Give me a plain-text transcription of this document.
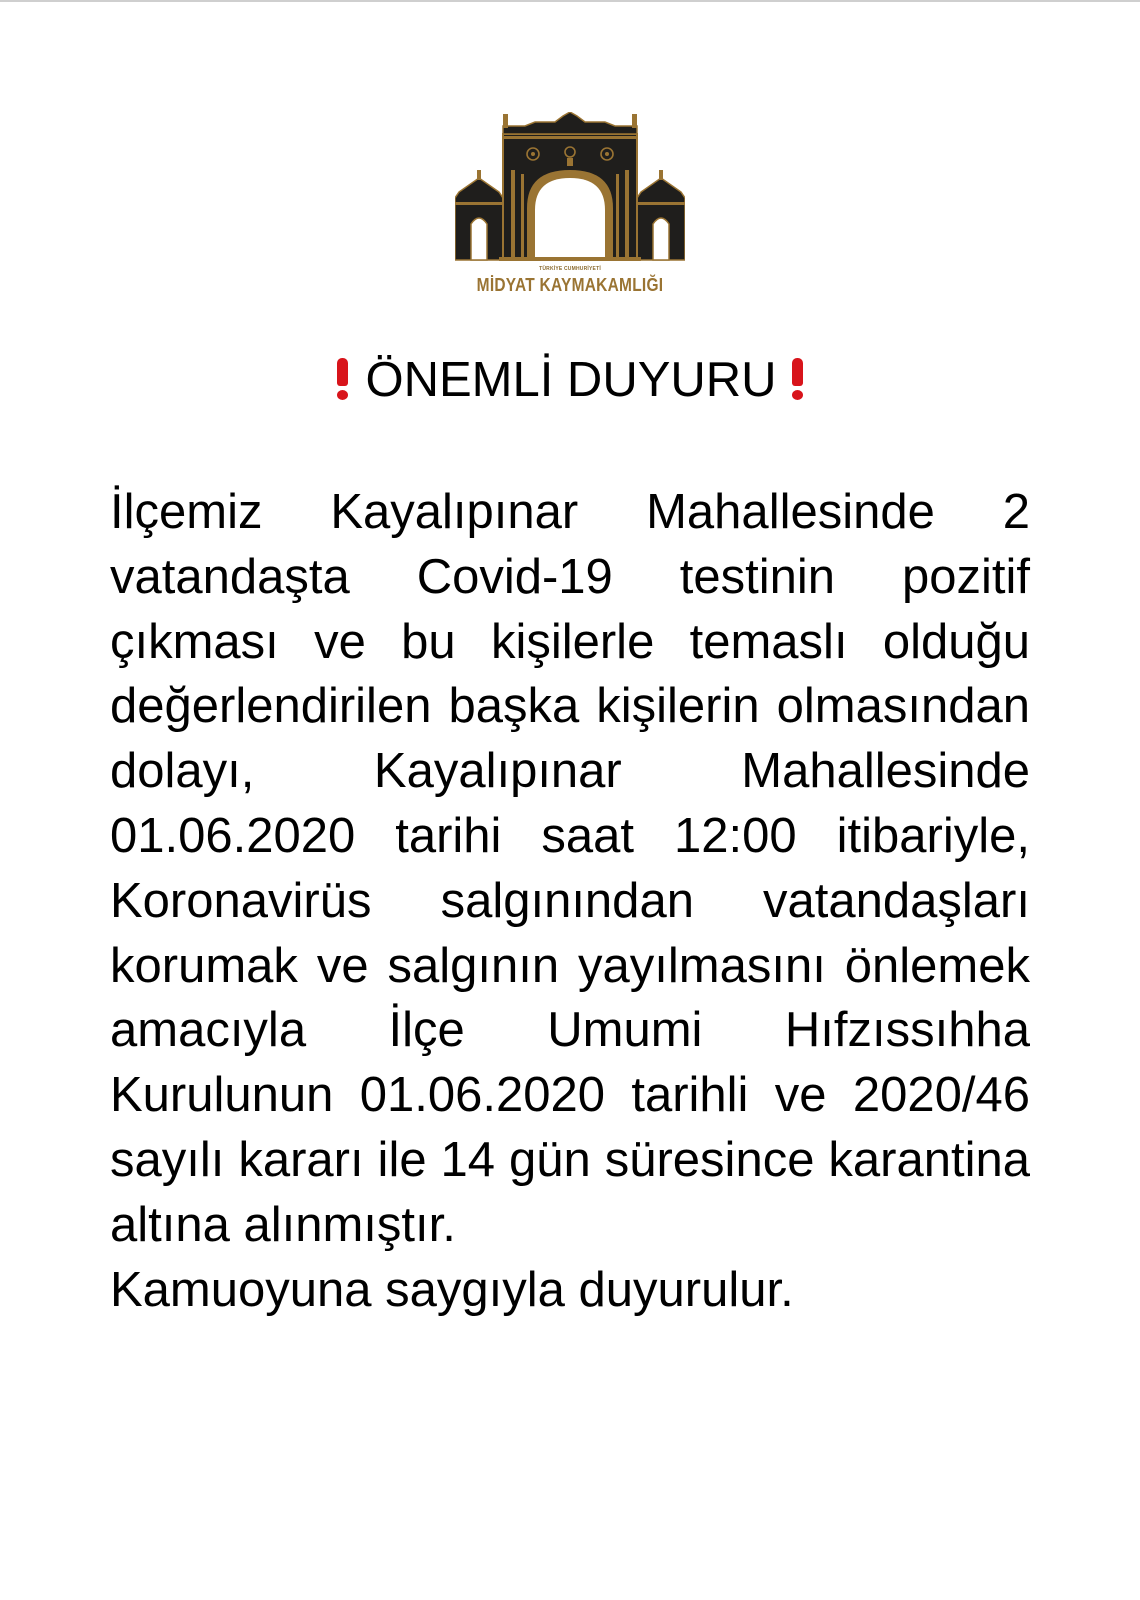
TÜRKİYE CUMHURİYETİ
MİDYAT KAYMAKAMLIĞI
ÖNEMLİ DUYURU
İlçemiz Kayalıpınar Mahallesinde 2 vatandaşta Covid-19 testinin pozitif çıkması ve bu kişilerle temaslı olduğu değerlendirilen başka kişilerin olmasından dolayı, Kayalıpınar Mahallesinde 01.06.2020 tarihi saat 12:00 itibariyle, Koronavirüs salgınından vatandaşları korumak ve salgının yayılmasını önlemek amacıyla İlçe Umumi Hıfzıssıhha Kurulunun 01.06.2020 tarihli ve 2020/46 sayılı kararı ile 14 gün süresince karantina altına alınmıştır.
Kamuoyuna saygıyla duyurulur.
